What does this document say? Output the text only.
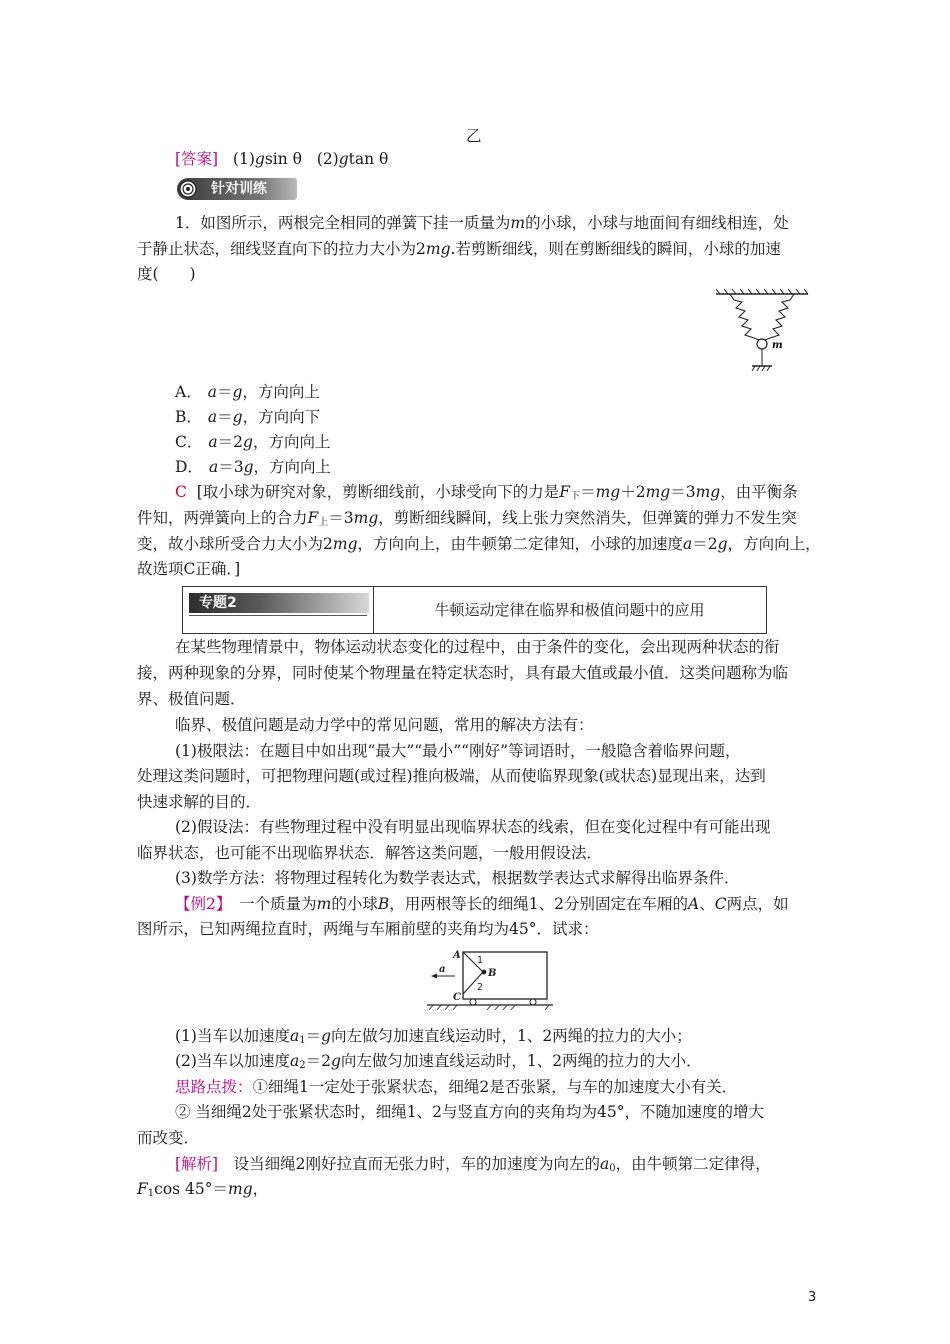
乙
[答案] (1)gsin θ (2)gtan θ
针对训练
1．如图所示，两根完全相同的弹簧下挂一质量为m的小球，小球与地面间有细线相连，处
于静止状态，细线竖直向下的拉力大小为2mg.若剪断细线，则在剪断细线的瞬间，小球的加速
度(　　)
m
A． a＝g，方向向上
B． a＝g，方向向下
C． a＝2g，方向向上
D． a＝3g，方向向上
C [取小球为研究对象，剪断细线前，小球受向下的力是$F_下=mg+2mg=3mg$，由平衡条
件知，两弹簧向上的合力$F_上=3mg$，剪断细线瞬间，线上张力突然消失，但弹簧的弹力不发生突
变，故小球所受合力大小为2mg，方向向上，由牛顿第二定律知，小球的加速度a＝2g，方向向上，
故选项C正确．]
专题2	牛顿运动定律在临界和极值问题中的应用
在某些物理情景中，物体运动状态变化的过程中，由于条件的变化，会出现两种状态的衔
接，两种现象的分界，同时使某个物理量在特定状态时，具有最大值或最小值．这类问题称为临
界、极值问题．
临界、极值问题是动力学中的常见问题，常用的解决方法有：
(1)极限法：在题目中如出现“最大”“最小”“刚好”等词语时，一般隐含着临界问题，
处理这类问题时，可把物理问题(或过程)推向极端，从而使临界现象(或状态)显现出来，达到
快速求解的目的．
(2)假设法：有些物理过程中没有明显出现临界状态的线索，但在变化过程中有可能出现
临界状态，也可能不出现临界状态．解答这类问题，一般用假设法．
(3)数学方法：将物理过程转化为数学表达式，根据数学表达式求解得出临界条件．
【例2】　一个质量为m的小球B，用两根等长的细绳1、2分别固定在车厢的A、C两点，如
图所示，已知两绳拉直时，两绳与车厢前壁的夹角均为45°．试求：
A
C
B
a
1
2
(1)当车以加速度$a_1=g$向左做匀加速直线运动时，1、2两绳的拉力的大小；
(2)当车以加速度$a_2=2g$向左做匀加速直线运动时，1、2两绳的拉力的大小．
思路点拨：①细绳1一定处于张紧状态，细绳2是否张紧，与车的加速度大小有关．
② 当细绳2处于张紧状态时，细绳1、2与竖直方向的夹角均为45°，不随加速度的增大
而改变．
[解析]　设当细绳2刚好拉直而无张力时，车的加速度为向左的$a_0$，由牛顿第二定律得，
$F_1\cos$ 45°＝mg，
3
